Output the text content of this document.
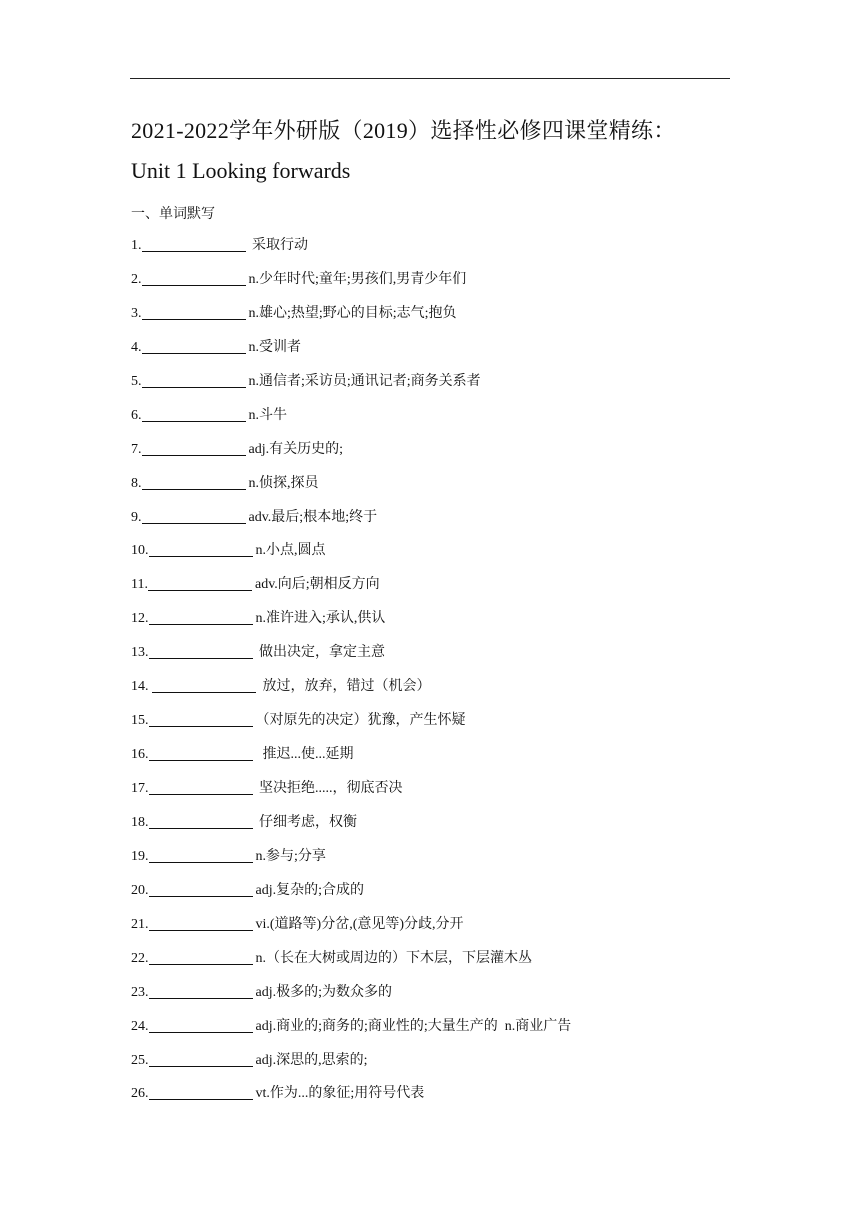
2021-2022学年外研版（2019）选择性必修四课堂精练：
Unit 1 Looking forwards
一、单词默写
1.	采取行动
2.	n.少年时代;童年;男孩们,男青少年们
3.	n.雄心;热望;野心的目标;志气;抱负
4.	n.受训者
5.	n.通信者;采访员;通讯记者;商务关系者
6.	n.斗牛
7.	adj.有关历史的;
8.	n.侦探,探员
9.	adv.最后;根本地;终于
10.	n.小点,圆点
11.	adv.向后;朝相反方向
12.	n.准许进入;承认,供认
13.	做出决定，拿定主意
14.	放过，放弃，错过（机会）
15.	（对原先的决定）犹豫，产生怀疑
16.	推迟...使...延期
17.	坚决拒绝.....，彻底否决
18.	仔细考虑，权衡
19.	n.参与;分享
20.	adj.复杂的;合成的
21.	vi.(道路等)分岔,(意见等)分歧,分开
22.	n.（长在大树或周边的）下木层，下层灌木丛
23.	adj.极多的;为数众多的
24.	adj.商业的;商务的;商业性的;大量生产的  n.商业广告
25.	adj.深思的,思索的;
26.	vt.作为...的象征;用符号代表
